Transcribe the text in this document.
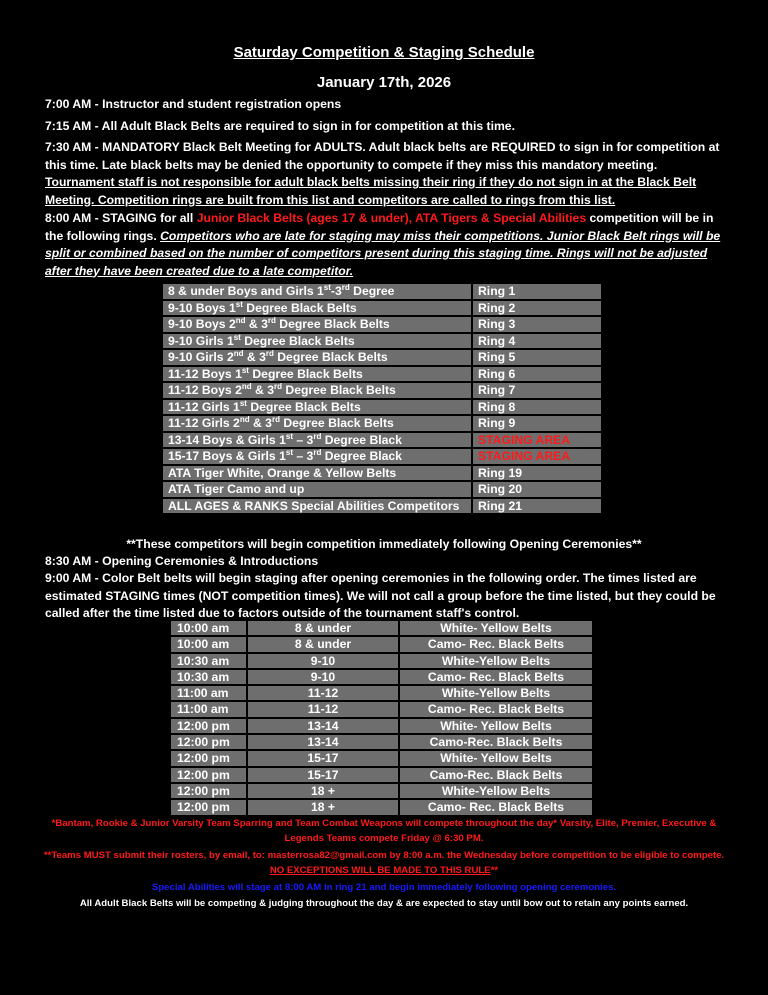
Saturday Competition & Staging Schedule
January 17th, 2026
7:00 AM - Instructor and student registration opens
7:15 AM - All Adult Black Belts are required to sign in for competition at this time.
7:30 AM - MANDATORY Black Belt Meeting for ADULTS. Adult black belts are REQUIRED to sign in for competition at this time. Late black belts may be denied the opportunity to compete if they miss this mandatory meeting. Tournament staff is not responsible for adult black belts missing their ring if they do not sign in at the Black Belt Meeting. Competition rings are built from this list and competitors are called to rings from this list.
8:00 AM - STAGING for all Junior Black Belts (ages 17 & under), ATA Tigers & Special Abilities competition will be in the following rings. Competitors who are late for staging may miss their competitions. Junior Black Belt rings will be split or combined based on the number of competitors present during this staging time. Rings will not be adjusted after they have been created due to a late competitor.
8 & under Boys and Girls 1st-3rd Degree	Ring 1
9-10 Boys 1st Degree Black Belts	Ring 2
9-10 Boys 2nd & 3rd Degree Black Belts	Ring 3
9-10 Girls 1st Degree Black Belts	Ring 4
9-10 Girls 2nd & 3rd Degree Black Belts	Ring 5
11-12 Boys 1st Degree Black Belts	Ring 6
11-12 Boys 2nd & 3rd Degree Black Belts	Ring 7
11-12 Girls 1st Degree Black Belts	Ring 8
11-12 Girls 2nd & 3rd Degree Black Belts	Ring 9
13-14 Boys & Girls 1st – 3rd Degree Black	STAGING AREA
15-17 Boys & Girls 1st – 3rd Degree Black	STAGING AREA
ATA Tiger White, Orange & Yellow Belts	Ring 19
ATA Tiger Camo and up	Ring 20
ALL AGES & RANKS Special Abilities Competitors	Ring 21
**These competitors will begin competition immediately following Opening Ceremonies**
8:30 AM - Opening Ceremonies & Introductions
9:00 AM - Color Belt belts will begin staging after opening ceremonies in the following order. The times listed are estimated STAGING times (NOT competition times). We will not call a group before the time listed, but they could be called after the time listed due to factors outside of the tournament staff's control.
10:00 am	8 & under	White- Yellow Belts
10:00 am	8 & under	Camo- Rec. Black Belts
10:30 am	9-10	White-Yellow Belts
10:30 am	9-10	Camo- Rec. Black Belts
11:00 am	11-12	White-Yellow Belts
11:00 am	11-12	Camo- Rec. Black Belts
12:00 pm	13-14	White- Yellow Belts
12:00 pm	13-14	Camo-Rec. Black Belts
12:00 pm	15-17	White- Yellow Belts
12:00 pm	15-17	Camo-Rec. Black Belts
12:00 pm	18 +	White-Yellow Belts
12:00 pm	18 +	Camo- Rec. Black Belts
*Bantam, Rookie & Junior Varsity Team Sparring and Team Combat Weapons will compete throughout the day* Varsity, Elite, Premier, Executive & Legends Teams compete Friday @ 6:30 PM.
**Teams MUST submit their rosters, by email, to: masterrosa82@gmail.com by 8:00 a.m. the Wednesday before competition to be eligible to compete. NO EXCEPTIONS WILL BE MADE TO THIS RULE**
Special Abilities will stage at 8:00 AM in ring 21 and begin immediately following opening ceremonies.
All Adult Black Belts will be competing & judging throughout the day & are expected to stay until bow out to retain any points earned.
